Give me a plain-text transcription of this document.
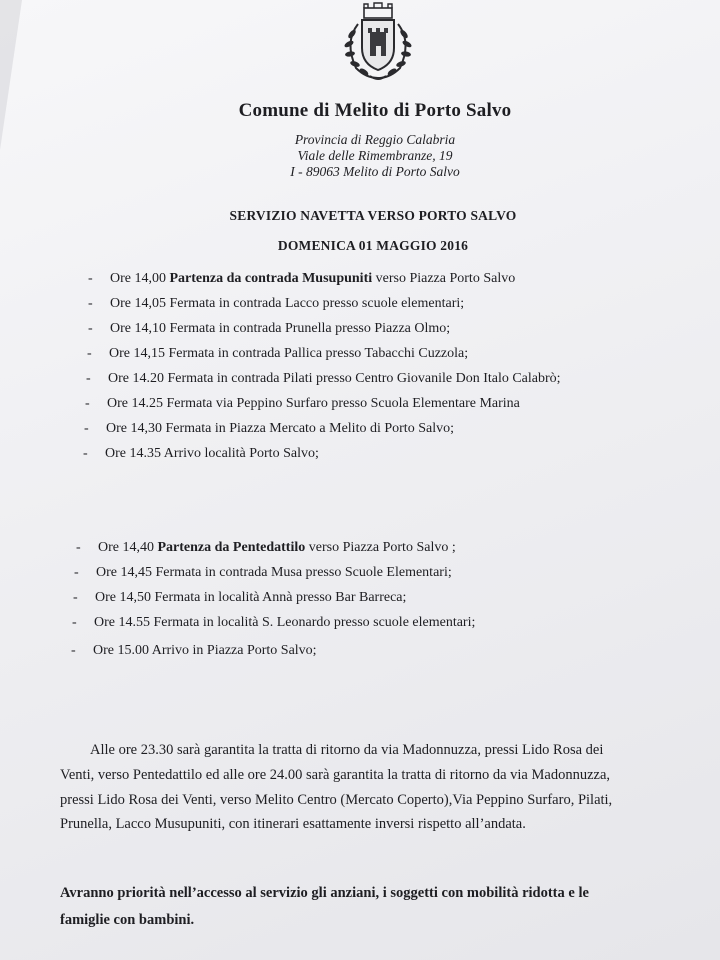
Comune di Melito di Porto Salvo
Provincia di Reggio Calabria
Viale delle Rimembranze, 19
I - 89063 Melito di Porto Salvo
SERVIZIO NAVETTA VERSO PORTO SALVO
DOMENICA 01 MAGGIO 2016
- Ore 14,00 Partenza da contrada Musupuniti verso Piazza Porto Salvo
- Ore 14,05 Fermata in contrada Lacco presso scuole elementari;
- Ore 14,10 Fermata in contrada Prunella presso Piazza Olmo;
- Ore 14,15 Fermata in contrada Pallica presso Tabacchi Cuzzola;
- Ore 14.20 Fermata in contrada Pilati presso Centro Giovanile Don Italo Calabrò;
- Ore 14.25 Fermata via Peppino Surfaro presso Scuola Elementare Marina
- Ore 14,30 Fermata in Piazza Mercato a Melito di Porto Salvo;
- Ore 14.35 Arrivo località Porto Salvo;
- Ore 14,40 Partenza da Pentedattilo verso Piazza Porto Salvo ;
- Ore 14,45 Fermata in contrada Musa presso Scuole Elementari;
- Ore 14,50 Fermata in località Annà presso Bar Barreca;
- Ore 14.55 Fermata in località S. Leonardo presso scuole elementari;
- Ore 15.00 Arrivo in Piazza Porto Salvo;
Alle ore 23.30 sarà garantita la tratta di ritorno da via Madonnuzza, pressi Lido Rosa dei
Venti, verso Pentedattilo ed alle ore 24.00 sarà garantita la tratta di ritorno da via Madonnuzza,
pressi Lido Rosa dei Venti, verso Melito Centro (Mercato Coperto),Via Peppino Surfaro, Pilati,
Prunella, Lacco Musupuniti, con itinerari esattamente inversi rispetto all’andata.
Avranno priorità nell’accesso al servizio gli anziani, i soggetti con mobilità ridotta e le
famiglie con bambini.
